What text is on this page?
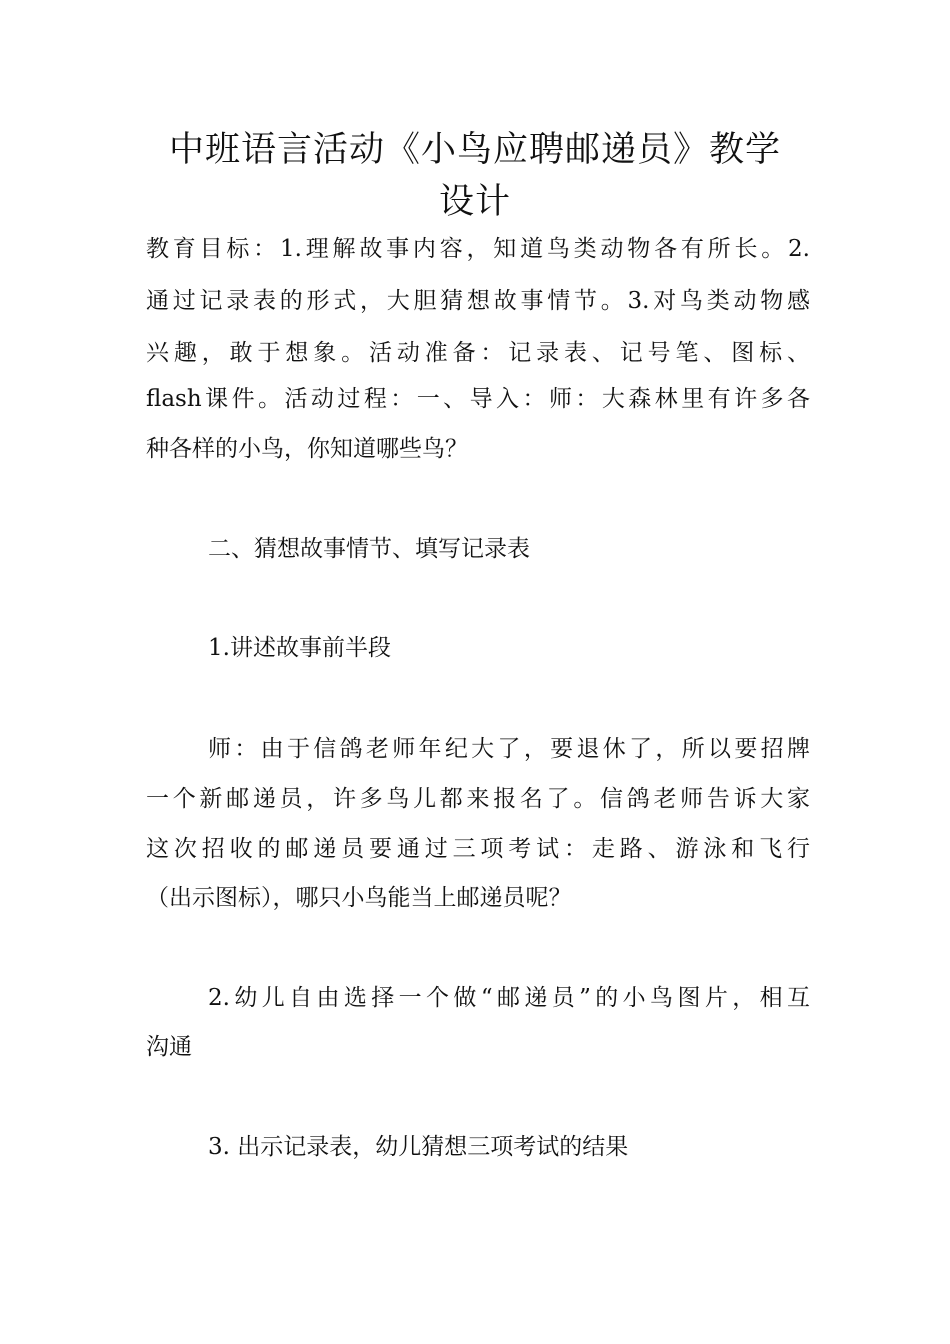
中班语言活动《小鸟应聘邮递员》教学
设计
教育目标：1.理解故事内容，知道鸟类动物各有所长。2.
通过记录表的形式，大胆猜想故事情节。3.对鸟类动物感
兴趣，敢于想象。活动准备：记录表、记号笔、图标、
flash课件。活动过程：一、导入：师：大森林里有许多各
种各样的小鸟，你知道哪些鸟？
二、猜想故事情节、填写记录表
1.讲述故事前半段
师：由于信鸽老师年纪大了，要退休了，所以要招牌
一个新邮递员，许多鸟儿都来报名了。信鸽老师告诉大家
这次招收的邮递员要通过三项考试：走路、游泳和飞行
（出示图标），哪只小鸟能当上邮递员呢？
2.幼儿自由选择一个做“邮递员”的小鸟图片，相互
沟通
3. 出示记录表，幼儿猜想三项考试的结果
